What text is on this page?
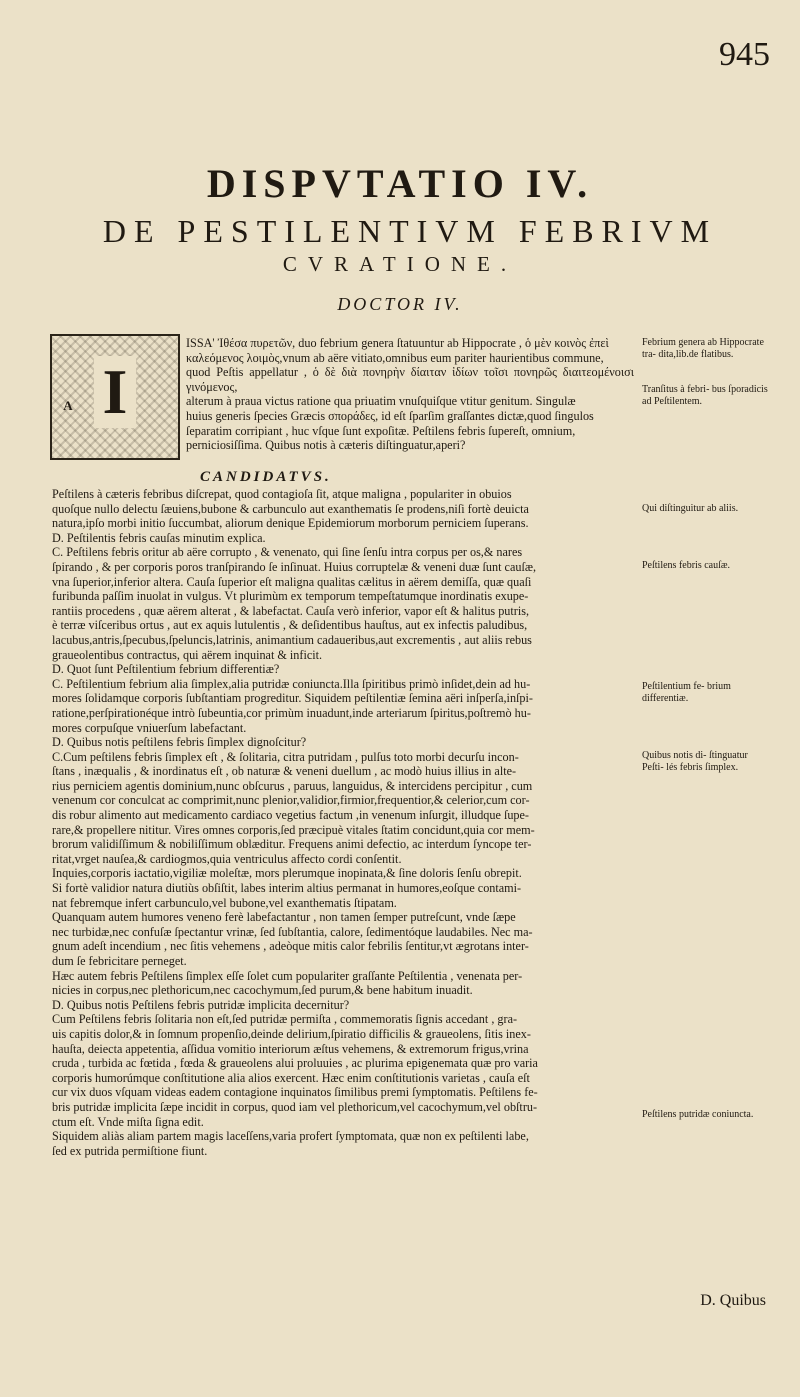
945
DISPVTATIO IV.
DE PESTILENTIVM FEBRIVM
CVRATIONE.
DOCTOR IV.
I
A

ISSA' Ἰθέσα πυρετῶν, duo febrium genera ſtatuuntur ab Hippocrate , ὁ μὲν κοινὸς ἐπεὶ

καλεόμενος λοιμὸς,vnum ab aëre vitiato,omnibus eum pariter haurientibus commune,

quod Peſtis appellatur , ὁ δὲ διὰ πονηρὴν δίαιταν ἰδίων τοῖσι πονηρῶς διαιτεομένοισι γινόμενος,

alterum à praua victus ratione qua priuatim vnuſquiſque vtitur genitum. Singulæ

huius generis ſpecies Græcis σποράδες, id eſt ſparſim graſſantes dictæ,quod ſingulos

ſeparatim corripiant , huc vſque ſunt expoſitæ. Peſtilens febris ſupereſt, omnium,

perniciosiſſima. Quibus notis à cæteris diſtinguatur,aperi?

CANDIDATVS.

Peſtilens à cæteris febribus diſcrepat, quod contagioſa ſit, atque maligna , populariter in obuios

quoſque nullo delectu ſæuiens,bubone & carbunculo aut exanthematis ſe prodens,niſi fortè deuicta

natura,ipſo morbi initio ſuccumbat, aliorum denique Epidemiorum morborum perniciem ſuperans.

D. Peſtilentis febris cauſas minutim explica.

C. Peſtilens febris oritur ab aëre corrupto , & venenato, qui ſine ſenſu intra corpus per os,& nares

ſpirando , & per corporis poros tranſpirando ſe inſinuat. Huius corruptelæ & veneni duæ ſunt cauſæ,

vna ſuperior,inferior altera. Cauſa ſuperior eſt maligna qualitas cælitus in aërem demiſſa, quæ quaſi

furibunda paſſim inuolat in vulgus. Vt plurimùm ex temporum tempeſtatumque inordinatis exupe-

rantiis procedens , quæ aërem alterat , & labefactat. Cauſa verò inferior, vapor eſt & halitus putris,

è terræ viſceribus ortus , aut ex aquis lutulentis , & deſidentibus hauſtus, aut ex infectis paludibus,

lacubus,antris,ſpecubus,ſpeluncis,latrinis, animantium cadaueribus,aut excrementis , aut aliis rebus

graueolentibus contractus, qui aërem inquinat & inficit.

D. Quot ſunt Peſtilentium febrium differentiæ?

C. Peſtilentium febrium alia ſimplex,alia putridæ coniuncta.Illa ſpiritibus primò inſidet,dein ad hu-

mores ſolidamque corporis ſubſtantiam progreditur. Siquidem peſtilentiæ ſemina aëri inſperſa,inſpi-

ratione,perſpirationéque intrò ſubeuntia,cor primùm inuadunt,inde arteriarum ſpiritus,poſtremò hu-

mores corpuſque vniuerſum labefactant.

D. Quibus notis peſtilens febris ſimplex dignoſcitur?

C.Cum peſtilens febris ſimplex eſt , & ſolitaria, citra putridam , pulſus toto morbi decurſu incon-

ſtans , inæqualis , & inordinatus eſt , ob naturæ & veneni duellum , ac modò huius illius in alte-

rius perniciem agentis dominium,nunc obſcurus , paruus, languidus, & intercidens percipitur , cum

venenum cor conculcat ac comprimit,nunc plenior,validior,firmior,frequentior,& celerior,cum cor-

dis robur alimento aut medicamento cardiaco vegetius factum ,in venenum inſurgit, illudque ſupe-

rare,& propellere nititur. Vires omnes corporis,ſed præcipuè vitales ſtatim concidunt,quia cor mem-

brorum validiſſimum & nobiliſſimum oblæditur. Frequens animi defectio, ac interdum ſyncope ter-

ritat,vrget nauſea,& cardiogmos,quia ventriculus affecto cordi conſentit.

Inquies,corporis iactatio,vigiliæ moleſtæ, mors plerumque inopinata,& ſine doloris ſenſu obrepit.

Si fortè validior natura diutiùs obſiſtit, labes interim altius permanat in humores,eoſque contami-

nat febremque infert carbunculo,vel bubone,vel exanthematis ſtipatam.

Quanquam autem humores veneno ferè labefactantur , non tamen ſemper putreſcunt, vnde ſæpe

nec turbidæ,nec confuſæ ſpectantur vrinæ, ſed ſubſtantia, calore, ſedimentóque laudabiles. Nec ma-

gnum adeſt incendium , nec ſitis vehemens , adeòque mitis calor febrilis ſentitur,vt ægrotans inter-

dum ſe febricitare perneget.

Hæc autem febris Peſtilens ſimplex eſſe ſolet cum populariter graſſante Peſtilentia , venenata per-

nicies in corpus,nec plethoricum,nec cacochymum,ſed purum,& bene habitum inuadit.

D. Quibus notis Peſtilens febris putridæ implicita decernitur?

Cum Peſtilens febris ſolitaria non eſt,ſed putridæ permiſta , commemoratis ſignis accedant , gra-

uis capitis dolor,& in ſomnum propenſio,deinde delirium,ſpiratio difficilis & graueolens, ſitis inex-

hauſta, deiecta appetentia, aſſidua vomitio interiorum æſtus vehemens, & extremorum frigus,vrina

cruda , turbida ac fœtida , fœda & graueolens alui proluuies , ac plurima epigenemata quæ pro varia

corporis humorúmque conſtitutione alia alios exercent. Hæc enim conſtitutionis varietas , cauſa eſt

cur vix duos vſquam videas eadem contagione inquinatos ſimilibus premi ſymptomatis. Peſtilens fe-

bris putridæ implicita ſæpe incidit in corpus, quod iam vel plethoricum,vel cacochymum,vel obſtru-

ctum eſt. Vnde miſta ſigna edit.

Siquidem aliàs aliam partem magis laceſſens,varia profert ſymptomata, quæ non ex peſtilenti labe,

ſed ex putrida permiſtione fiunt.

Febrium genera ab Hippocrate tra- dita,lib.de flatibus.
Tranſitus à febri- bus ſporadicis ad Peſtilentem.
Qui diſtinguitur ab aliis.
Peſtilens febris cauſæ.
Peſtilentium fe- brium differentiæ.
Quibus notis di- ſtinguatur Peſti- lés febris ſimplex.
Peſtilens putridæ coniuncta.
D. Quibus
